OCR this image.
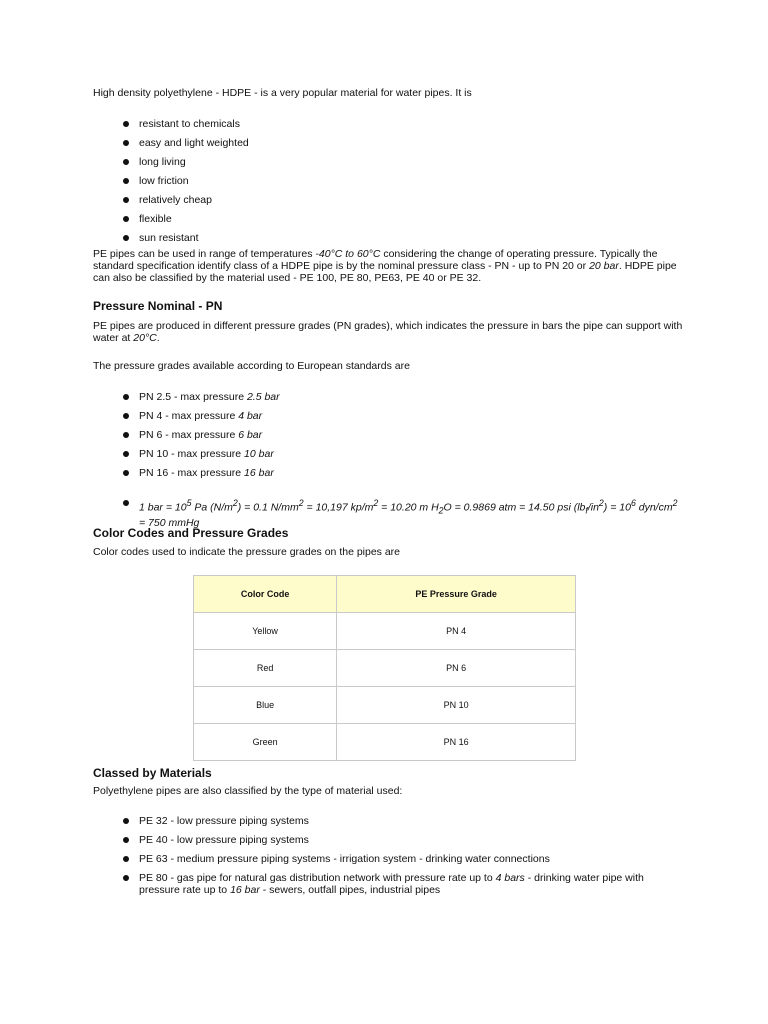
High density polyethylene - HDPE - is a very popular material for water pipes. It is

resistant to chemicals
easy and light weighted
long living
low friction
relatively cheap
flexible
sun resistant

PE pipes can be used in range of temperatures -40°C to 60°C considering the change of operating pressure. Typically the standard specification identify class of a HDPE pipe is by the nominal pressure class - PN - up to PN 20 or 20 bar. HDPE pipe can also be classified by the material used - PE 100, PE 80, PE63, PE 40 or PE 32.

Pressure Nominal - PN

PE pipes are produced in different pressure grades (PN grades), which indicates the pressure in bars the pipe can support with water at 20°C.

The pressure grades available according to European standards are

PN 2.5 - max pressure 2.5 bar
PN 4 - max pressure 4 bar
PN 6 - max pressure 6 bar
PN 10 - max pressure 10 bar
PN 16 - max pressure 16 bar
1 bar = $10^5$ Pa $(N/m^2) = 0.1$ $N/mm^2 = 10,197$ $kp/m^2 = 10.20$ m $H_2O = 0.9869$ atm = 14.50 psi $(lb_f/in^2) = 10^6$ dyn/$cm^2 = 750$ mmHg

Color Codes and Pressure Grades

Color codes used to indicate the pressure grades on the pipes are

Color Code	PE Pressure Grade
Yellow	PN 4
Red	PN 6
Blue	PN 10
Green	PN 16

Classed by Materials

Polyethylene pipes are also classified by the type of material used:

PE 32 - low pressure piping systems
PE 40 - low pressure piping systems
PE 63 - medium pressure piping systems - irrigation system - drinking water connections
PE 80 - gas pipe for natural gas distribution network with pressure rate up to 4 bars - drinking water pipe with pressure rate up to 16 bar - sewers, outfall pipes, industrial pipes
